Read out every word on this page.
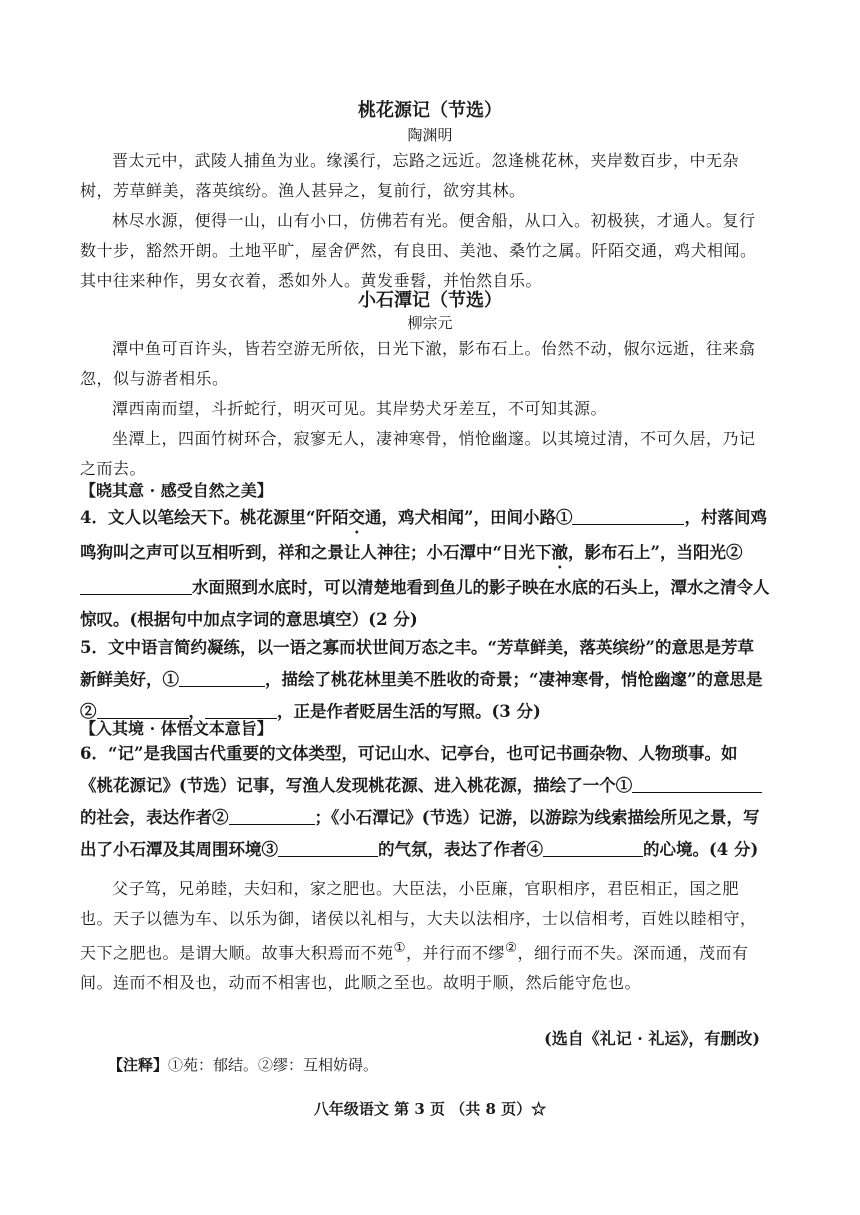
桃花源记（节选）
陶渊明

晋太元中，武陵人捕鱼为业。缘溪行，忘路之远近。忽逢桃花林，夹岸数百步，中无杂树，芳草鲜美，落英缤纷。渔人甚异之，复前行，欲穷其林。

林尽水源，便得一山，山有小口，仿佛若有光。便舍船，从口入。初极狭，才通人。复行数十步，豁然开朗。土地平旷，屋舍俨然，有良田、美池、桑竹之属。阡陌交通，鸡犬相闻。其中往来种作，男女衣着，悉如外人。黄发垂髫，并怡然自乐。

小石潭记（节选）
柳宗元

潭中鱼可百许头，皆若空游无所依，日光下澈，影布石上。佁然不动，俶尔远逝，往来翕忽，似与游者相乐。

潭西南而望，斗折蛇行，明灭可见。其岸势犬牙差互，不可知其源。

坐潭上，四面竹树环合，寂寥无人，凄神寒骨，悄怆幽邃。以其境过清，不可久居，乃记之而去。

【晓其意 · 感受自然之美】
4．文人以笔绘天下。桃花源里“阡陌交通，鸡犬相闻”，田间小路①	，村落间鸡鸣狗叫之声可以互相听到，祥和之景让人神往；小石潭中“日光下澈，影布石上”，当阳光②水面照到水底时，可以清楚地看到鱼儿的影子映在水底的石头上，潭水之清令人惊叹。(根据句中加点字词的意思填空）(2 分)
5．文中语言简约凝练，以一语之寡而状世间万态之丰。“芳草鲜美，落英缤纷”的意思是芳草新鲜美好，①	，描绘了桃花林里美不胜收的奇景；“凄神寒骨，悄怆幽邃”的意思是②	，	，正是作者贬居生活的写照。(3 分)
【入其境 · 体悟文本意旨】
6．“记”是我国古代重要的文体类型，可记山水、记亭台，也可记书画杂物、人物琐事。如《桃花源记》(节选）记事，写渔人发现桃花源、进入桃花源，描绘了一个①的社会，表达作者②	；《小石潭记》(节选）记游，以游踪为线索描绘所见之景，写出了小石潭及其周围环境③	的气氛，表达了作者④	的心境。(4 分)

父子笃，兄弟睦，夫妇和，家之肥也。大臣法，小臣廉，官职相序，君臣相正，国之肥也。天子以德为车、以乐为御，诸侯以礼相与，大夫以法相序，士以信相考，百姓以睦相守，天下之肥也。是谓大顺。故事大积焉而不苑①，并行而不缪②，细行而不失。深而通，茂而有间。连而不相及也，动而不相害也，此顺之至也。故明于顺，然后能守危也。

(选自《礼记 · 礼运》，有删改)
【注释】①苑：郁结。②缪：互相妨碍。
八年级语文 第 3 页 （共 8 页）☆
